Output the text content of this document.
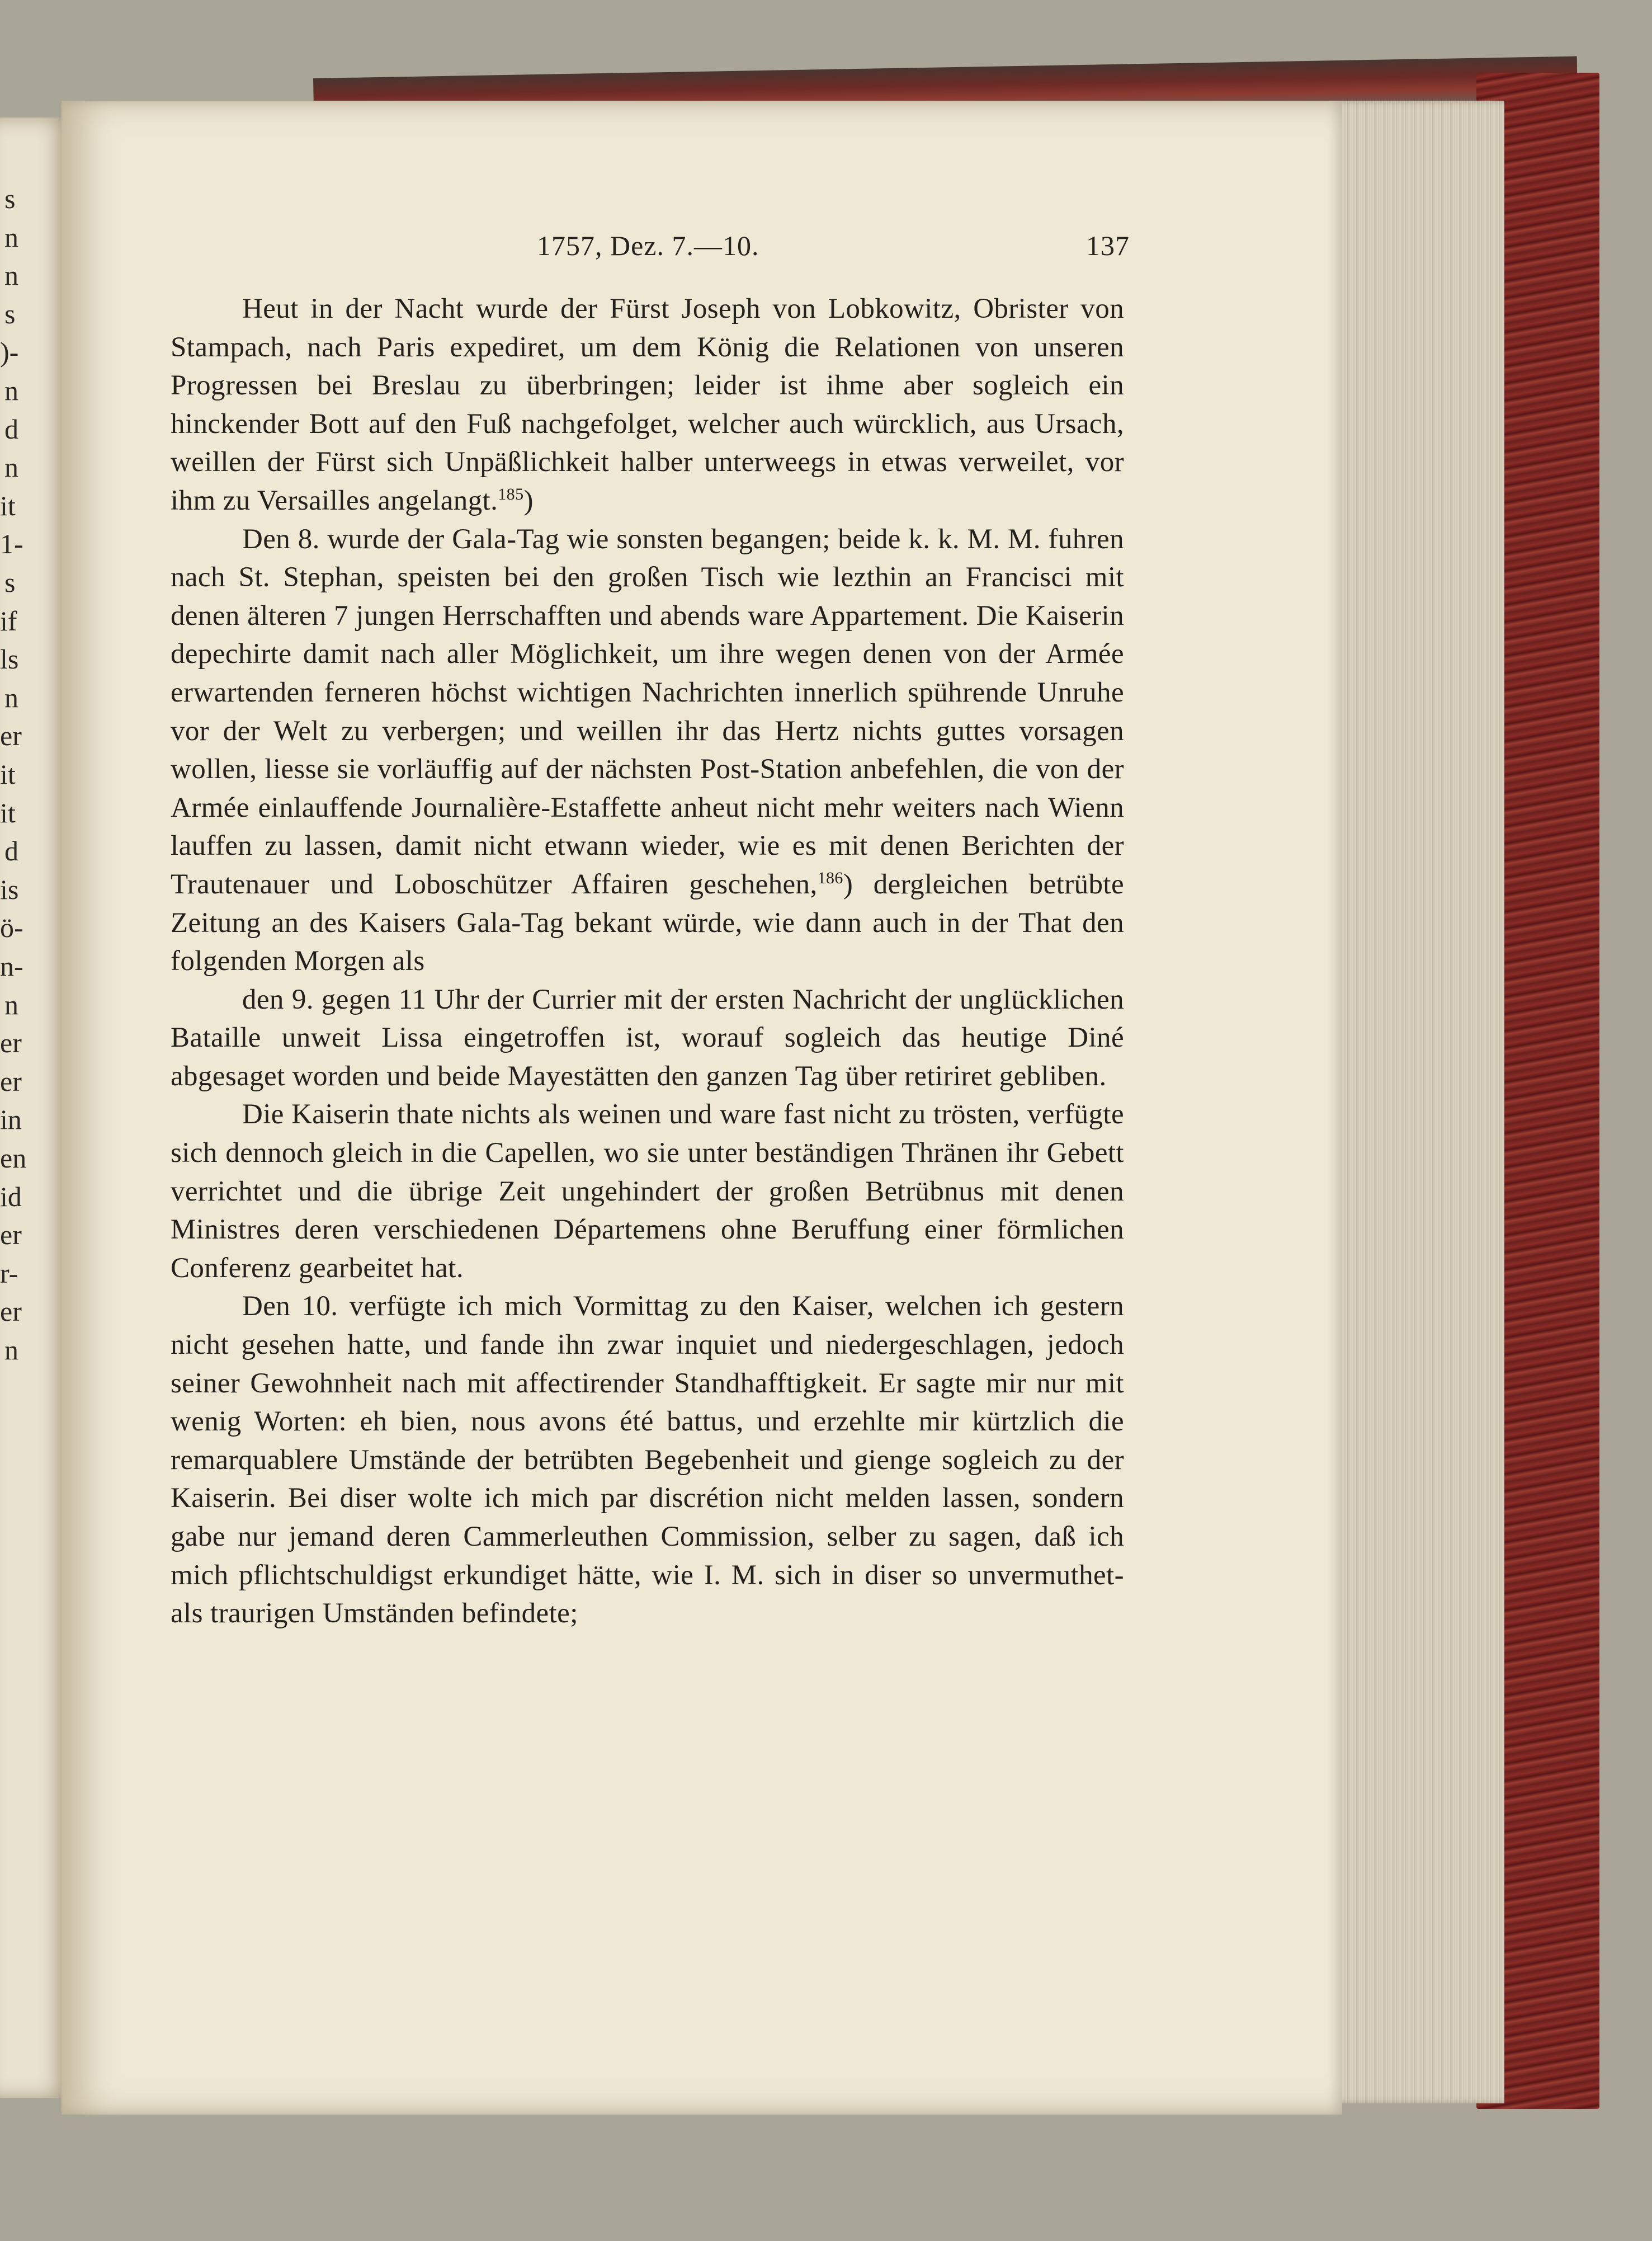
s
n
n
s
)-
n
d
n
it
1-
s
if
ls
n
er
it
it
d
is
ö-
n-
n
er
er
in
en
id
er
r-
er
n
1757, Dez. 7.—10.	137

Heut in der Nacht wurde der Fürst Joseph von Lobkowitz, Obrister von Stampach, nach Paris expediret, um dem König die Relationen von unseren Progressen bei Breslau zu überbringen; leider ist ihme aber sogleich ein hinckender Bott auf den Fuß nachgefolget, welcher auch würcklich, aus Ursach, weillen der Fürst sich Unpäßlichkeit halber unterweegs in etwas verweilet, vor ihm zu Versailles angelangt.$^{185}$)

Den 8. wurde der Gala-Tag wie sonsten begangen; beide k. k. M. M. fuhren nach St. Stephan, speisten bei den großen Tisch wie lezthin an Francisci mit denen älteren 7 jungen Herrschafften und abends ware Appartement. Die Kaiserin depechirte damit nach aller Möglichkeit, um ihre wegen denen von der Armée erwartenden ferneren höchst wichtigen Nachrichten innerlich spührende Unruhe vor der Welt zu verbergen; und weillen ihr das Hertz nichts guttes vorsagen wollen, liesse sie vorläuffig auf der nächsten Post-Station anbefehlen, die von der Armée einlauffende Journalière-Estaffette anheut nicht mehr weiters nach Wienn lauffen zu lassen, damit nicht etwann wieder, wie es mit denen Berichten der Trautenauer und Loboschützer Affairen geschehen,$^{186}$) dergleichen betrübte Zeitung an des Kaisers Gala-Tag bekant würde, wie dann auch in der That den folgenden Morgen als

den 9. gegen 11 Uhr der Currier mit der ersten Nachricht der unglücklichen Bataille unweit Lissa eingetroffen ist, worauf sogleich das heutige Diné abgesaget worden und beide Mayestätten den ganzen Tag über retiriret gebliben.

Die Kaiserin thate nichts als weinen und ware fast nicht zu trösten, verfügte sich dennoch gleich in die Capellen, wo sie unter beständigen Thränen ihr Gebett verrichtet und die übrige Zeit ungehindert der großen Betrübnus mit denen Ministres deren verschiedenen Départemens ohne Beruffung einer förmlichen Conferenz gearbeitet hat.

Den 10. verfügte ich mich Vormittag zu den Kaiser, welchen ich gestern nicht gesehen hatte, und fande ihn zwar inquiet und niedergeschlagen, jedoch seiner Gewohnheit nach mit affectirender Standhafftigkeit. Er sagte mir nur mit wenig Worten: eh bien, nous avons été battus, und erzehlte mir kürtzlich die remarquablere Umstände der betrübten Begebenheit und gienge sogleich zu der Kaiserin. Bei diser wolte ich mich par discrétion nicht melden lassen, sondern gabe nur jemand deren Cammerleuthen Commission, selber zu sagen, daß ich mich pflichtschuldigst erkundiget hätte, wie I. M. sich in diser so unvermuthet- als traurigen Umständen befindete;
